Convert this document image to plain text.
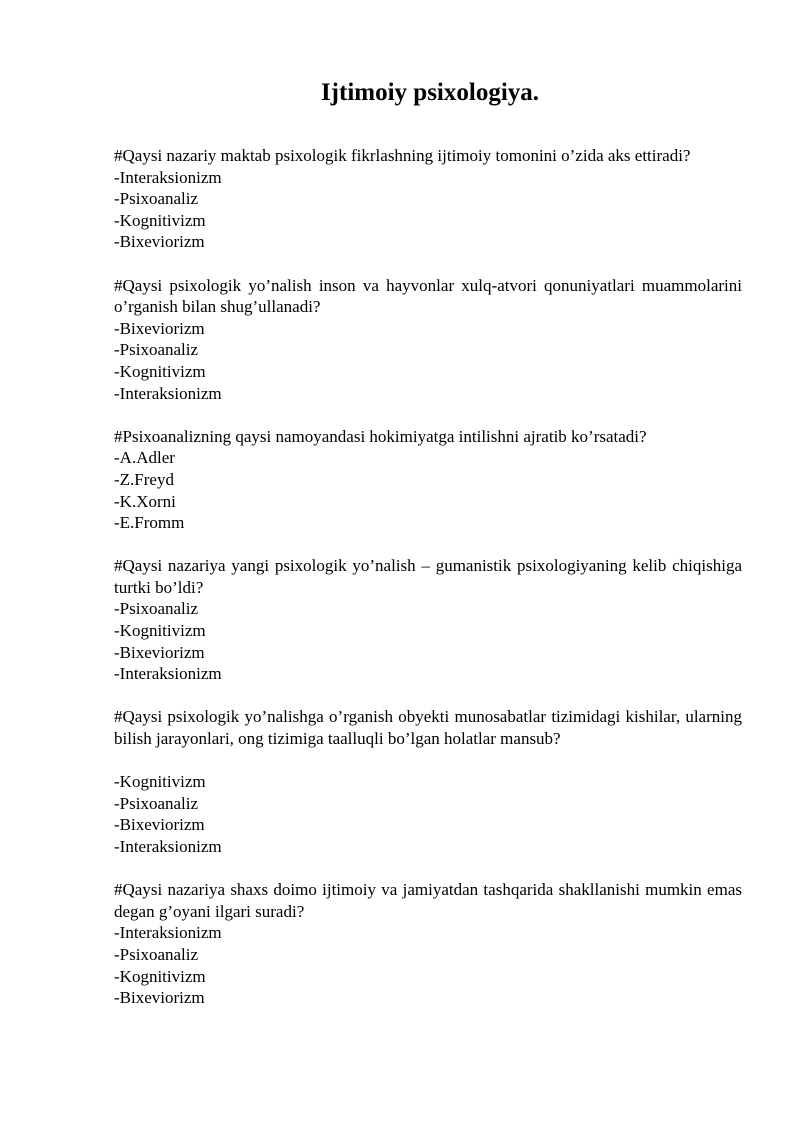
Ijtimoiy psixologiya.

#Qaysi nazariy maktab psixologik fikrlashning ijtimoiy tomonini o’zida aks ettiradi?

-Interaksionizm
-Psixoanaliz
-Kognitivizm
-Bixeviorizm

#Qaysi psixologik yo’nalish inson va hayvonlar xulq-atvori qonuniyatlari muammolarini o’rganish bilan shug’ullanadi?

-Bixeviorizm
-Psixoanaliz
-Kognitivizm
-Interaksionizm

#Psixoanalizning qaysi namoyandasi hokimiyatga intilishni ajratib ko’rsatadi?

-A.Adler
-Z.Freyd
-K.Xorni
-E.Fromm

#Qaysi nazariya yangi psixologik yo’nalish – gumanistik psixologiyaning kelib chiqishiga turtki bo’ldi?

-Psixoanaliz
-Kognitivizm
-Bixeviorizm
-Interaksionizm

#Qaysi psixologik yo’nalishga o’rganish obyekti munosabatlar tizimidagi kishilar, ularning bilish jarayonlari, ong tizimiga taalluqli bo’lgan holatlar mansub?

-Kognitivizm
-Psixoanaliz
-Bixeviorizm
-Interaksionizm

#Qaysi nazariya shaxs doimo ijtimoiy va jamiyatdan tashqarida shakllanishi mumkin emas degan g’oyani ilgari suradi?

-Interaksionizm
-Psixoanaliz
-Kognitivizm
-Bixeviorizm
